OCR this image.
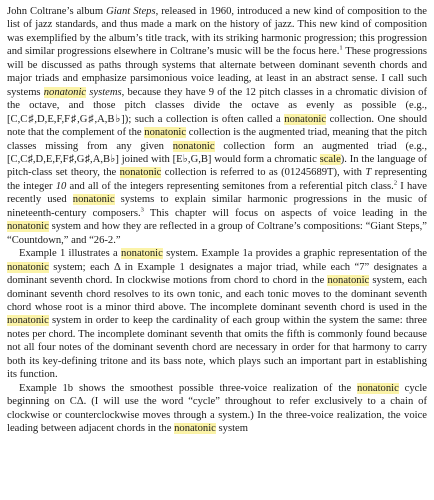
John Coltrane’s album Giant Steps, released in 1960, introduced a new kind of composition to the list of jazz standards, and thus made a mark on the history of jazz. This new kind of composition was exemplified by the album’s title track, with its striking harmonic progression; this progression and similar progressions elsewhere in Coltrane’s music will be the focus here.$^1$ These progressions will be discussed as paths through systems that alternate between dominant seventh chords and major triads and emphasize parsimonious voice leading, at least in an abstract sense. I call such systems nonatonic systems, because they have 9 of the 12 pitch classes in a chromatic division of the octave, and those pitch classes divide the octave as evenly as possible (e.g., [C,C♯,D,E,F,F♯,G♯,A,B♭]); such a collection is often called a nonatonic collection. One should note that the complement of the nonatonic collection is the augmented triad, meaning that the pitch classes missing from any given nonatonic collection form an augmented triad (e.g., [C,C♯,D,E,F,F♯,G♯,A,B♭] joined with [E♭,G,B] would form a chromatic scale). In the language of pitch-class set theory, the nonatonic collection is referred to as (01245689T), with T representing the integer 10 and all of the integers representing semitones from a referential pitch class.$^2$ I have recently used nonatonic systems to explain similar harmonic progressions in the music of nineteenth-century composers.$^3$ This chapter will focus on aspects of voice leading in the nonatonic system and how they are reflected in a group of Coltrane’s compositions: “Giant Steps,” “Countdown,” and “26-2.”

Example 1 illustrates a nonatonic system. Example 1a provides a graphic representation of the nonatonic system; each Δ in Example 1 designates a major triad, while each “7” designates a dominant seventh chord. In clockwise motions from chord to chord in the nonatonic system, each dominant seventh chord resolves to its own tonic, and each tonic moves to the dominant seventh chord whose root is a minor third above. The incomplete dominant seventh chord is used in the nonatonic system in order to keep the cardinality of each group within the system the same: three notes per chord. The incomplete dominant seventh that omits the fifth is commonly found because not all four notes of the dominant seventh chord are necessary in order for that harmony to carry both its key-defining tritone and its bass note, which plays such an important part in establishing its function.

Example 1b shows the smoothest possible three-voice realization of the nonatonic cycle beginning on CΔ. (I will use the word “cycle” throughout to refer exclusively to a chain of clockwise or counterclockwise moves through a system.) In the three-voice realization, the voice leading between adjacent chords in the nonatonic system
